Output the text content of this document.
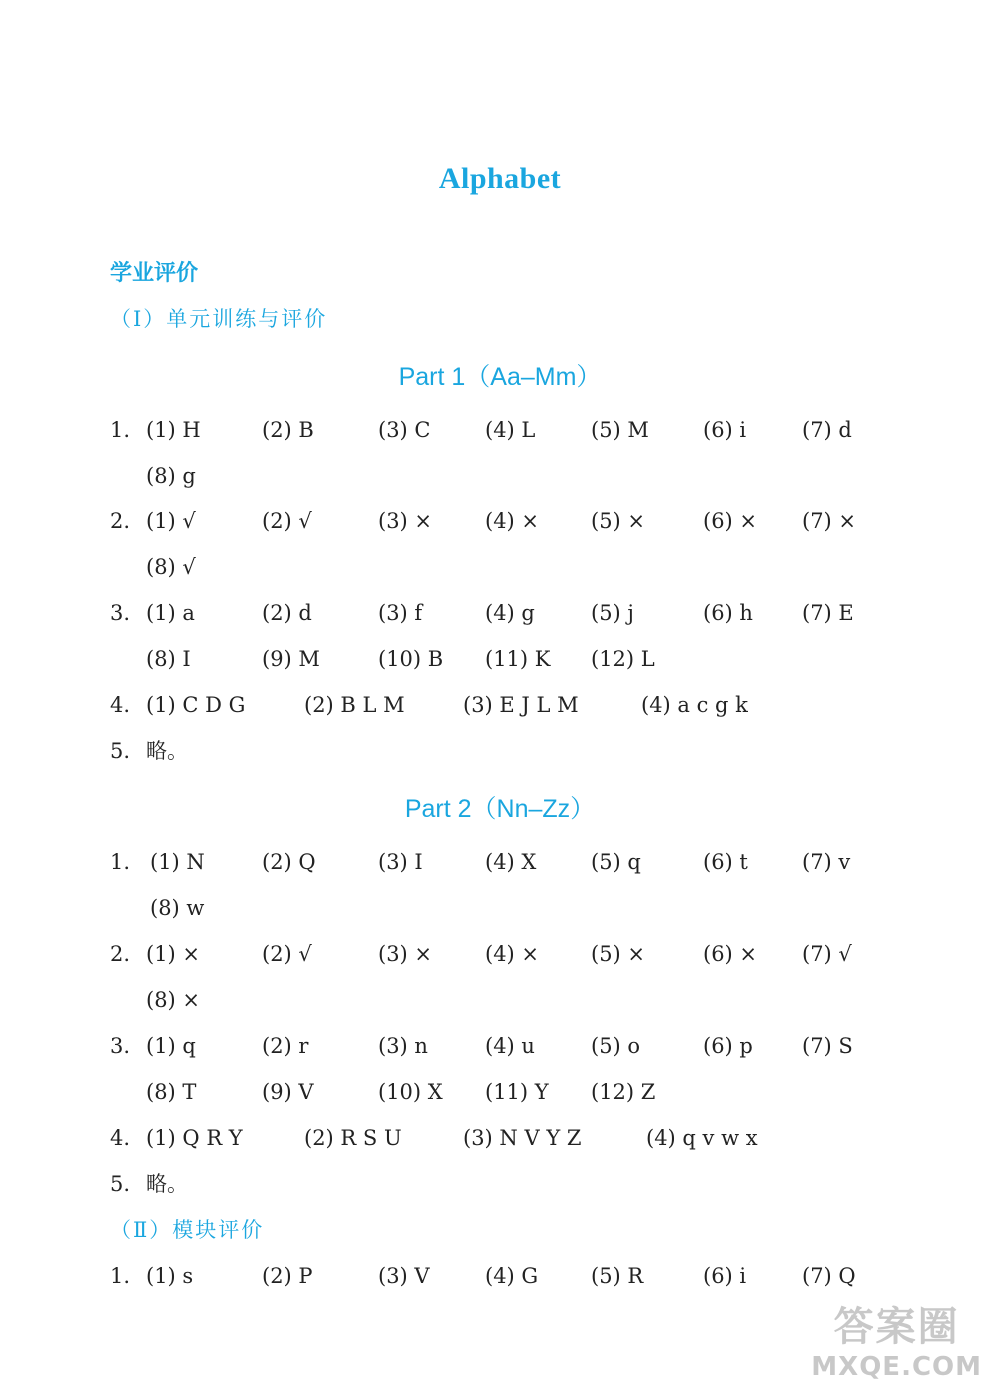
Alphabet
学业评价
（Ⅰ）单元训练与评价
Part 1（Aa–Mm）
1. (1) H	(2) B	(3) C	(4) L	(5) M	(6) i	(7) d
(8) g
2. (1) √	(2) √	(3) ×	(4) × (5) ×	(6) × (7) ×
(8) √
3. (1) a	(2) d	(3) f	(4) g	(5) j	(6) h (7) E
(8) I	(9) M	(10) B (11) K (12) L
4. (1) C D G	(2) B L M	(3) E J L M	(4) a c g k
5. 略。
Part 2（Nn–Zz）
1. (1) N	(2) Q	(3) I	(4) X	(5) q	(6) t	(7) v
(8) w
2. (1) ×	(2) √	(3) ×	(4) × (5) ×	(6) × (7) √
(8) ×
3. (1) q	(2) r	(3) n	(4) u	(5) o	(6) p (7) S
(8) T	(9) V	(10) X (11) Y (12) Z
4. (1) Q R Y	(2) R S U	(3) N V Y Z	(4) q v w x
5. 略。
（Ⅱ）模块评价
1. (1) s	(2) P	(3) V	(4) G	(5) R	(6) i	(7) Q
答案圈
MXQE.COM
